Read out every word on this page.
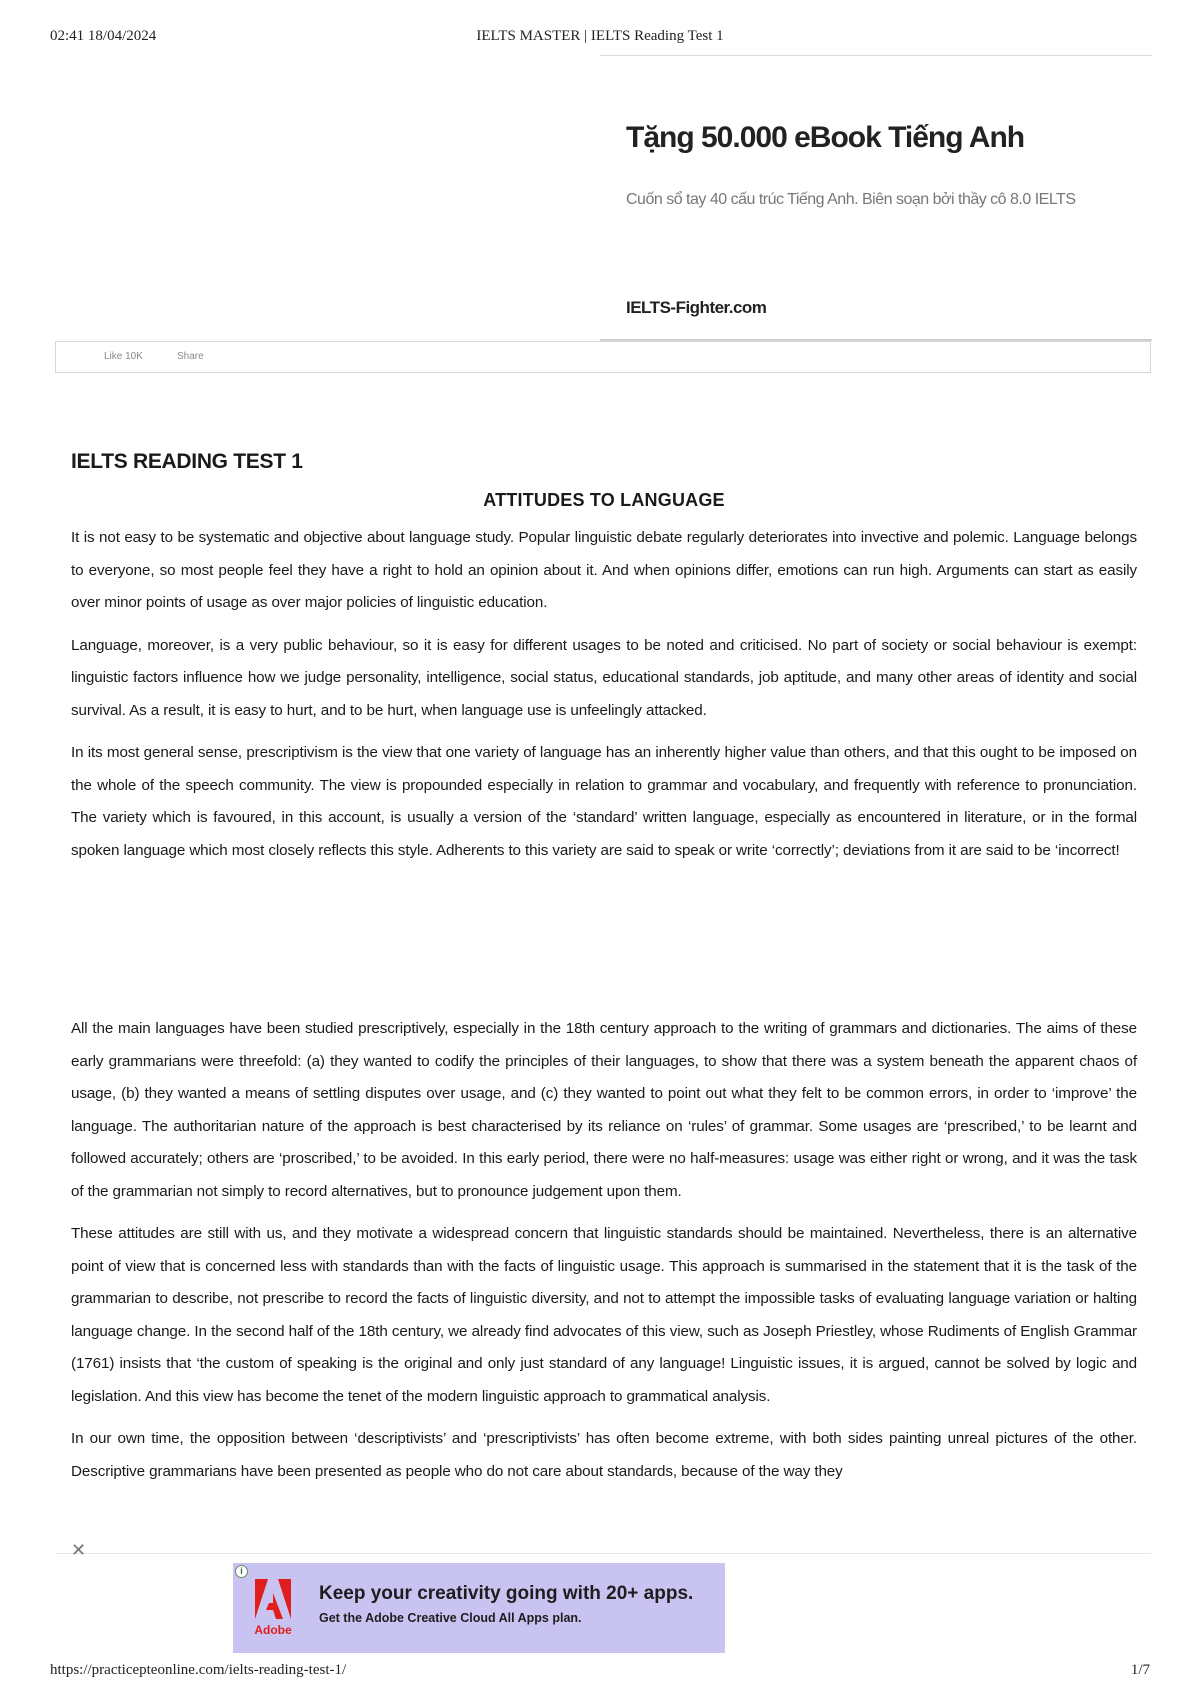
02:41 18/04/2024	IELTS MASTER | IELTS Reading Test 1
Tặng 50.000 eBook Tiếng Anh
Cuốn sổ tay 40 cấu trúc Tiếng Anh. Biên soạn bởi thầy cô 8.0 IELTS
IELTS-Fighter.com
Like 10K	Share
IELTS READING TEST 1
ATTITUDES TO LANGUAGE

It is not easy to be systematic and objective about language study. Popular linguistic debate regularly deteriorates into invective and polemic. Language belongs to everyone, so most people feel they have a right to hold an opinion about it. And when opinions differ, emotions can run high. Arguments can start as easily over minor points of usage as over major policies of linguistic education.

Language, moreover, is a very public behaviour, so it is easy for different usages to be noted and criticised. No part of society or social behaviour is exempt: linguistic factors influence how we judge personality, intelligence, social status, educational standards, job aptitude, and many other areas of identity and social survival. As a result, it is easy to hurt, and to be hurt, when language use is unfeelingly attacked.

In its most general sense, prescriptivism is the view that one variety of language has an inherently higher value than others, and that this ought to be imposed on the whole of the speech community. The view is propounded especially in relation to grammar and vocabulary, and frequently with reference to pronunciation. The variety which is favoured, in this account, is usually a version of the ‘standard’ written language, especially as encountered in literature, or in the formal spoken language which most closely reflects this style. Adherents to this variety are said to speak or write ‘correctly’; deviations from it are said to be ‘incorrect!

All the main languages have been studied prescriptively, especially in the 18th century approach to the writing of grammars and dictionaries. The aims of these early grammarians were threefold: (a) they wanted to codify the principles of their languages, to show that there was a system beneath the apparent chaos of usage, (b) they wanted a means of settling disputes over usage, and (c) they wanted to point out what they felt to be common errors, in order to ‘improve’ the language. The authoritarian nature of the approach is best characterised by its reliance on ‘rules’ of grammar. Some usages are ‘prescribed,’ to be learnt and followed accurately; others are ‘proscribed,’ to be avoided. In this early period, there were no half-measures: usage was either right or wrong, and it was the task of the grammarian not simply to record alternatives, but to pronounce judgement upon them.

These attitudes are still with us, and they motivate a widespread concern that linguistic standards should be maintained. Nevertheless, there is an alternative point of view that is concerned less with standards than with the facts of linguistic usage. This approach is summarised in the statement that it is the task of the grammarian to describe, not prescribe to record the facts of linguistic diversity, and not to attempt the impossible tasks of evaluating language variation or halting language change. In the second half of the 18th century, we already find advocates of this view, such as Joseph Priestley, whose Rudiments of English Grammar (1761) insists that ‘the custom of speaking is the original and only just standard of any language! Linguistic issues, it is argued, cannot be solved by logic and legislation. And this view has become the tenet of the modern linguistic approach to grammatical analysis.

In our own time, the opposition between ‘descriptivists’ and ‘prescriptivists’ has often become extreme, with both sides painting unreal pictures of the other. Descriptive grammarians have been presented as people who do not care about standards, because of the way they

✕
i
Adobe
Keep your creativity going with 20+ apps.
Get the Adobe Creative Cloud All Apps plan.
https://practicepteonline.com/ielts-reading-test-1/	1/7
